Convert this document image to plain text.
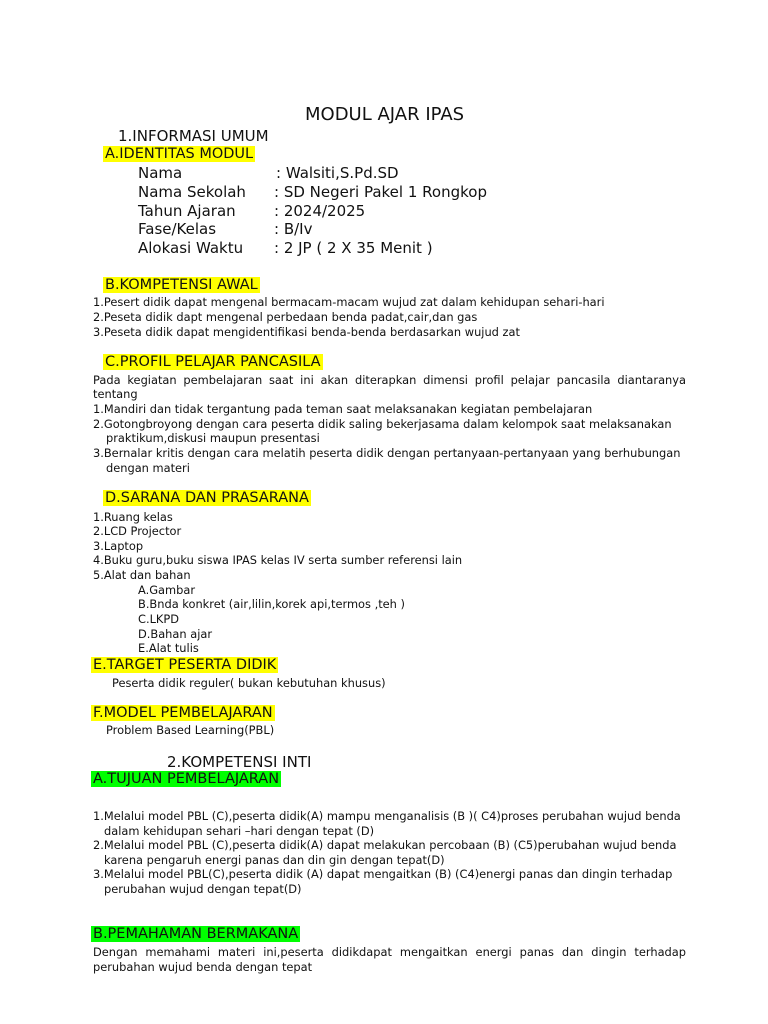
MODUL AJAR IPAS
1.INFORMASI UMUM
A.IDENTITAS MODUL
Nama	: Walsiti,S.Pd.SD
Nama Sekolah : SD Negeri Pakel 1 Rongkop
Tahun Ajaran	: 2024/2025
Fase/Kelas	: B/Iv
Alokasi Waktu : 2 JP ( 2 X 35 Menit )
B.KOMPETENSI AWAL
1.Pesert didik dapat mengenal bermacam-macam wujud zat dalam kehidupan sehari-hari
2.Peseta didik dapt mengenal perbedaan benda padat,cair,dan gas
3.Peseta didik dapat mengidentifikasi benda-benda berdasarkan wujud zat
C.PROFIL PELAJAR PANCASILA
Pada kegiatan pembelajaran saat ini akan diterapkan dimensi profil pelajar pancasila diantaranya
tentang
1.Mandiri dan tidak tergantung pada teman saat melaksanakan kegiatan pembelajaran
2.Gotongbroyong dengan cara peserta didik saling bekerjasama dalam kelompok saat melaksanakan
praktikum,diskusi maupun presentasi
3.Bernalar kritis dengan cara melatih peserta didik dengan pertanyaan-pertanyaan yang berhubungan
dengan materi
D.SARANA DAN PRASARANA
1.Ruang kelas
2.LCD Projector
3.Laptop
4.Buku guru,buku siswa IPAS kelas IV serta sumber referensi lain
5.Alat dan bahan
A.Gambar
B.Bnda konkret (air,lilin,korek api,termos ,teh )
C.LKPD
D.Bahan ajar
E.Alat tulis
E.TARGET PESERTA DIDIK
Peserta didik reguler( bukan kebutuhan khusus)
F.MODEL PEMBELAJARAN
Problem Based Learning(PBL)
2.KOMPETENSI INTI
A.TUJUAN PEMBELAJARAN
1.Melalui model PBL (C),peserta didik(A) mampu menganalisis (B )( C4)proses perubahan wujud benda
dalam kehidupan sehari –hari dengan tepat (D)
2.Melalui model PBL (C),peserta didik(A) dapat melakukan percobaan (B) (C5)perubahan wujud benda
karena pengaruh energi panas dan din gin dengan tepat(D)
3.Melalui model PBL(C),peserta didik (A) dapat mengaitkan (B) (C4)energi panas dan dingin terhadap
perubahan wujud dengan tepat(D)
B.PEMAHAMAN BERMAKANA
Dengan memahami materi ini,peserta didikdapat mengaitkan energi panas dan dingin terhadap
perubahan wujud benda dengan tepat
